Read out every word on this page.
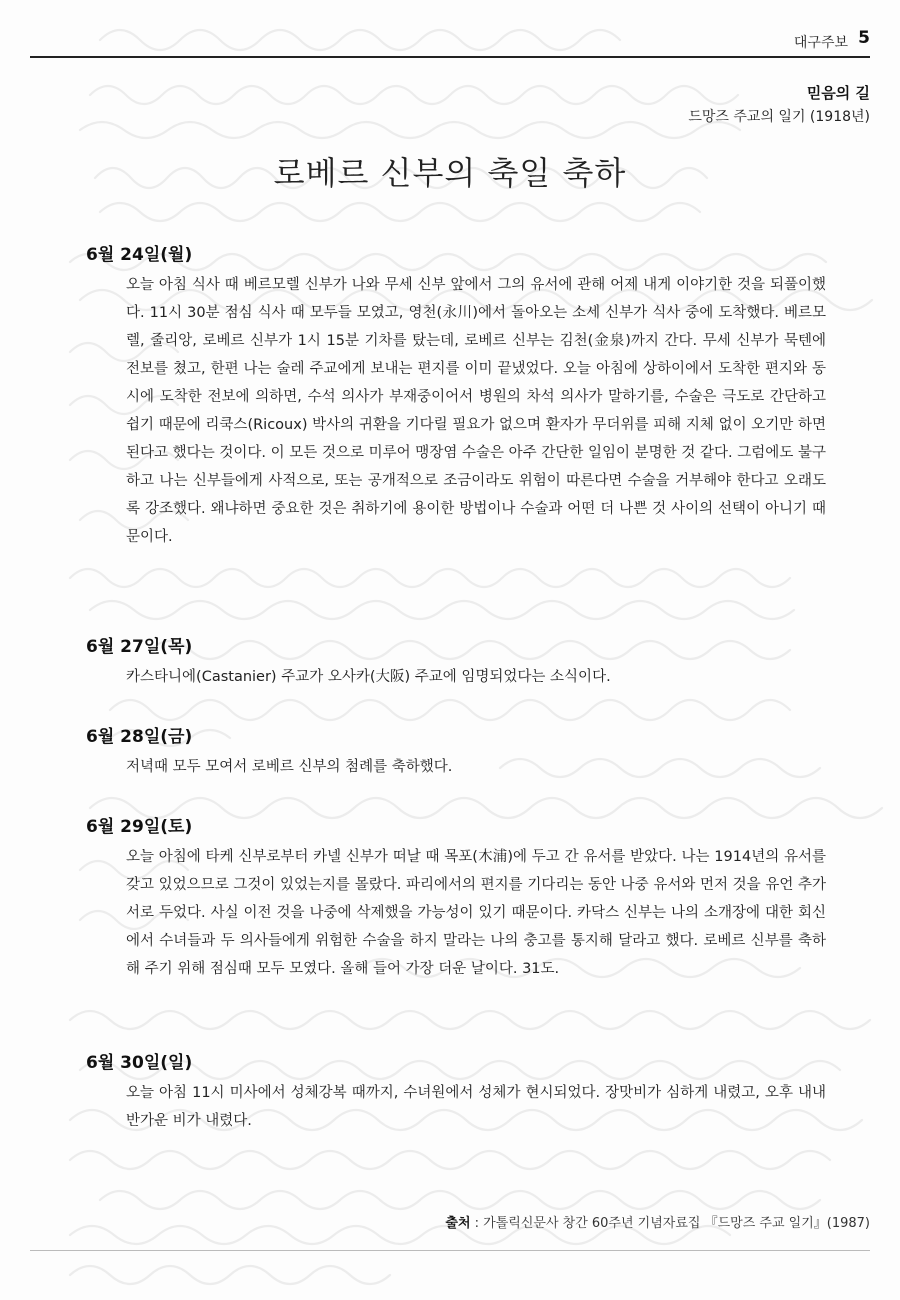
대구주보 5
믿음의 길
드망즈 주교의 일기 (1918년)
로베르 신부의 축일 축하

6월 24일(월)

오늘 아침 식사 때 베르모렐 신부가 나와 무세 신부 앞에서 그의 유서에 관해 어제 내게 이야기한 것을 되풀이했다. 11시 30분 점심 식사 때 모두들 모였고, 영천(永川)에서 돌아오는 소세 신부가 식사 중에 도착했다. 베르모렐, 줄리앙, 로베르 신부가 1시 15분 기차를 탔는데, 로베르 신부는 김천(金泉)까지 간다. 무세 신부가 묵텐에 전보를 쳤고, 한편 나는 술레 주교에게 보내는 편지를 이미 끝냈었다. 오늘 아침에 상하이에서 도착한 편지와 동시에 도착한 전보에 의하면, 수석 의사가 부재중이어서 병원의 차석 의사가 말하기를, 수술은 극도로 간단하고 쉽기 때문에 리쿡스(Ricoux) 박사의 귀환을 기다릴 필요가 없으며 환자가 무더위를 피해 지체 없이 오기만 하면 된다고 했다는 것이다. 이 모든 것으로 미루어 맹장염 수술은 아주 간단한 일임이 분명한 것 같다. 그럼에도 불구하고 나는 신부들에게 사적으로, 또는 공개적으로 조금이라도 위험이 따른다면 수술을 거부해야 한다고 오래도록 강조했다. 왜냐하면 중요한 것은 취하기에 용이한 방법이나 수술과 어떤 더 나쁜 것 사이의 선택이 아니기 때문이다.

6월 27일(목)

카스타니에(Castanier) 주교가 오사카(大阪) 주교에 임명되었다는 소식이다.

6월 28일(금)

저녁때 모두 모여서 로베르 신부의 첨례를 축하했다.

6월 29일(토)

오늘 아침에 타케 신부로부터 카넬 신부가 떠날 때 목포(木浦)에 두고 간 유서를 받았다. 나는 1914년의 유서를 갖고 있었으므로 그것이 있었는지를 몰랐다. 파리에서의 편지를 기다리는 동안 나중 유서와 먼저 것을 유언 추가서로 두었다. 사실 이전 것을 나중에 삭제했을 가능성이 있기 때문이다. 카닥스 신부는 나의 소개장에 대한 회신에서 수녀들과 두 의사들에게 위험한 수술을 하지 말라는 나의 충고를 통지해 달라고 했다. 로베르 신부를 축하해 주기 위해 점심때 모두 모였다. 올해 들어 가장 더운 날이다. 31도.

6월 30일(일)

오늘 아침 11시 미사에서 성체강복 때까지, 수녀원에서 성체가 현시되었다. 장맛비가 심하게 내렸고, 오후 내내 반가운 비가 내렸다.

출처 : 가톨릭신문사 창간 60주년 기념자료집 『드망즈 주교 일기』(1987)
